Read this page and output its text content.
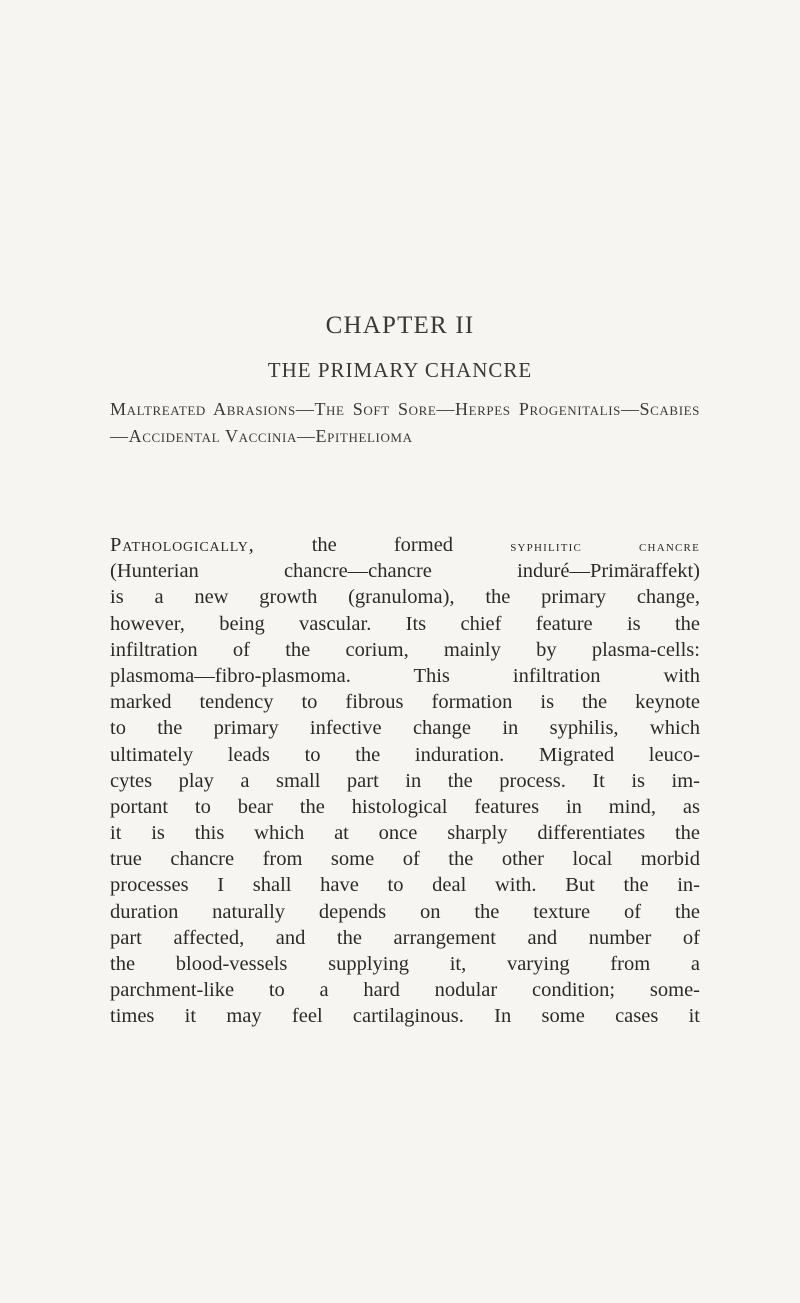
CHAPTER II
THE PRIMARY CHANCRE
Maltreated Abrasions—The Soft Sore—Herpes Progenitalis—Scabies—Accidental Vaccinia—Epithelioma
Pathologically, the formed syphilitic chancre
(Hunterian chancre—chancre induré—Primäraffekt)
is a new growth (granuloma), the primary change,
however, being vascular. Its chief feature is the
infiltration of the corium, mainly by plasma-cells:
plasmoma—fibro-plasmoma. This infiltration with
marked tendency to fibrous formation is the keynote
to the primary infective change in syphilis, which
ultimately leads to the induration. Migrated leuco-
cytes play a small part in the process. It is im-
portant to bear the histological features in mind, as
it is this which at once sharply differentiates the
true chancre from some of the other local morbid
processes I shall have to deal with. But the in-
duration naturally depends on the texture of the
part affected, and the arrangement and number of
the blood-vessels supplying it, varying from a
parchment-like to a hard nodular condition; some-
times it may feel cartilaginous. In some cases it
